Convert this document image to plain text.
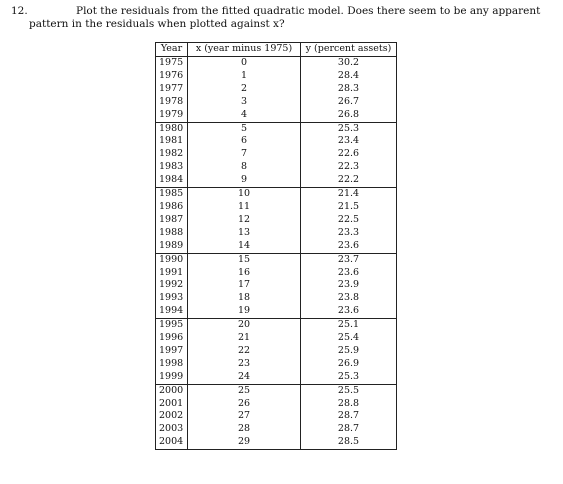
12.	Plot the residuals from the fitted quadratic model. Does there seem to be any apparent pattern in the residuals when plotted against x?
Year	x (year minus 1975)	y (percent assets)
1975	0	30.2
1976	1	28.4
1977	2	28.3
1978	3	26.7
1979	4	26.8
1980	5	25.3
1981	6	23.4
1982	7	22.6
1983	8	22.3
1984	9	22.2
1985	10	21.4
1986	11	21.5
1987	12	22.5
1988	13	23.3
1989	14	23.6
1990	15	23.7
1991	16	23.6
1992	17	23.9
1993	18	23.8
1994	19	23.6
1995	20	25.1
1996	21	25.4
1997	22	25.9
1998	23	26.9
1999	24	25.3
2000	25	25.5
2001	26	28.8
2002	27	28.7
2003	28	28.7
2004	29	28.5
